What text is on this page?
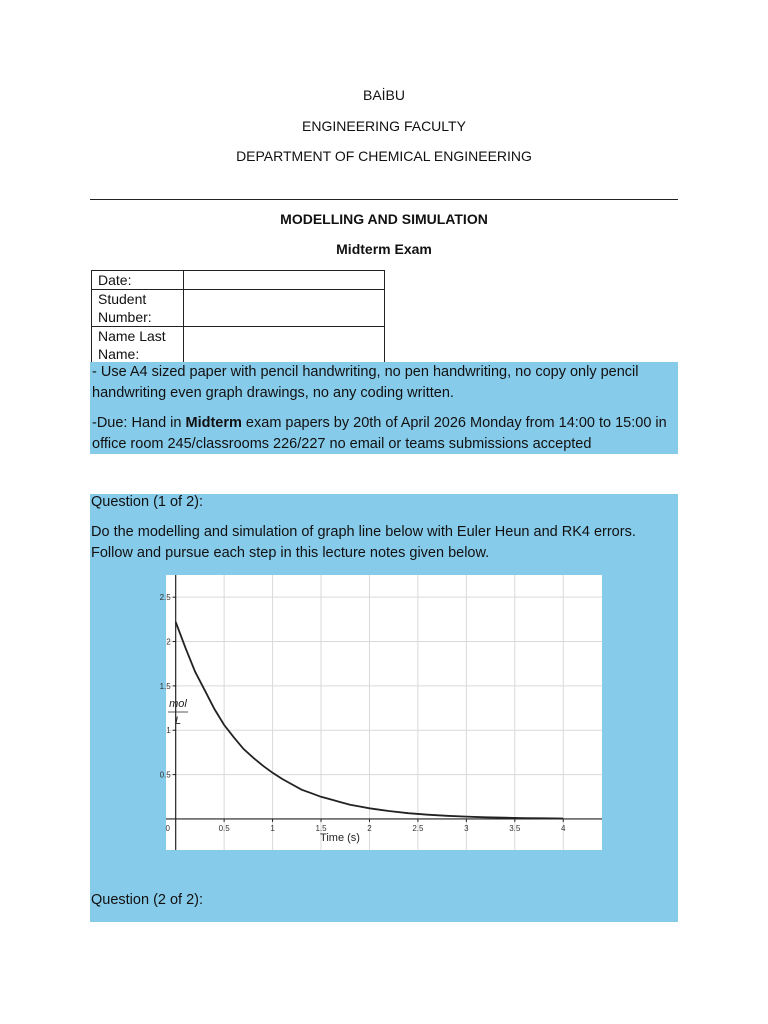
BAİBU
ENGINEERING FACULTY
DEPARTMENT OF CHEMICAL ENGINEERING
MODELLING AND SIMULATION
Midterm Exam
Date:	
Student Number:	
Name Last Name:	

- Use A4 sized paper with pencil handwriting, no pen handwriting, no copy only pencil handwriting even graph drawings, no any coding written.

-Due: Hand in Midterm exam papers by 20th of April 2026 Monday from 14:00 to 15:00 in office room 245/classrooms 226/227 no email or teams submissions accepted

Question (1 of 2):

Do the modelling and simulation of graph line below with Euler Heun and RK4 errors. Follow and pursue each step in this lecture notes given below.

Question (2 of 2):

0	0.5	1	1.5	2	2.5	3	3.5	4
0.5
1
1.5
2
2.5
Time (s)
mol
L
